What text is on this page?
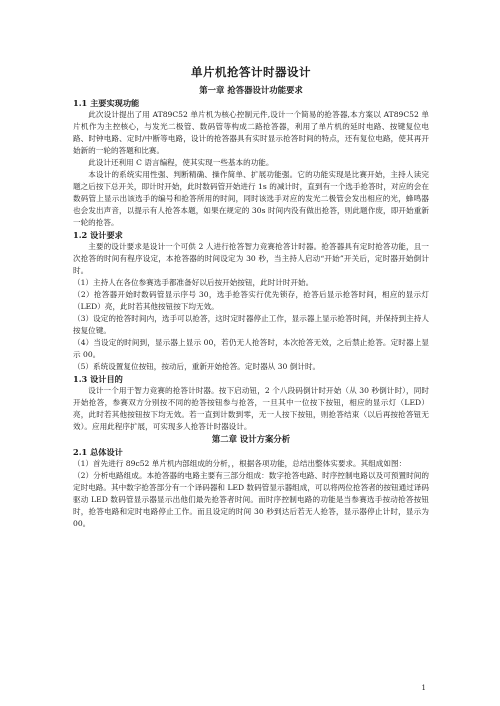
单片机抢答计时器设计
第一章 抢答器设计功能要求
1.1 主要实现功能

此次设计提出了用 AT89C52 单片机为核心控制元件,设计一个简易的抢答器,本方案以 AT89C52 单片机作为主控核心，与发光二极管、数码管等构成二路抢答器，利用了单片机的延时电路、按键复位电路、时钟电路、定时/中断等电路，设计的抢答器具有实时显示抢答时间的特点，还有复位电路，使其再开始新的一轮的答题和比赛。

此设计还利用 C 语言编程，使其实现一些基本的功能。

本设计的系统实用性强、判断精确、操作简单、扩展功能强。它的功能实现是比赛开始，主持人读完题之后按下总开关，即计时开始，此时数码管开始进行 1s 的减计时，直到有一个选手抢答时，对应的会在数码管上显示出该选手的编号和抢答所用的时间，同时该选手对应的发光二极管会发出相应的光，蜂鸣器也会发出声音，以提示有人抢答本题，如果在规定的 30s 时间内没有做出抢答，则此题作废，即开始重新一轮的抢答。

1.2 设计要求

主要的设计要求是设计一个可供 2 人进行抢答智力竞赛抢答计时器。抢答器具有定时抢答功能，且一次抢答的时间有程序设定，本抢答器的时间设定为 30 秒，当主持人启动“开始”开关后，定时器开始倒计时。

（1）主持人在各位参赛选手都准备好以后按开始按钮，此时计时开始。

（2）抢答器开始时数码管显示序号 30，选手抢答实行优先锁存，抢答后显示抢答时间，相应的显示灯（LED）亮，此时若其他按钮按下均无效。

（3）设定的抢答时间内，选手可以抢答，这时定时器停止工作，显示器上显示抢答时间，并保持到主持人按复位键。

（4）当设定的时间到，显示器上显示 00，若仍无人抢答时，本次抢答无效，之后禁止抢答。定时器上显示 00。

（5）系统设置复位按钮，按动后，重新开始抢答。定时器从 30 倒计时。

1.3 设计目的

设计一个用于智力竞赛的抢答计时器。按下启动钮，2 个八段码倒计时开始（从 30 秒倒计时），同时开始抢答，参赛双方分别按不同的抢答按钮参与抢答，一旦其中一位按下按钮，相应的显示灯（LED）亮，此时若其他按钮按下均无效。若一直到计数到零，无一人按下按钮，则抢答结束（以后再按抢答钮无效）。应用此程序扩展，可实现多人抢答计时器设计。

第二章 设计方案分析
2.1 总体设计

（1）首先进行 89c52 单片机内部组成的分析，，根据各项功能，总结出整体实要求。其组成如图：

（2）分析电路组成。本抢答器的电路主要有三部分组成：数字抢答电路、时序控制电路以及可预置时间的定时电路。其中数字抢答部分有一个译码器和 LED 数码管显示器组成，可以将两位抢答者的按钮通过译码驱动 LED 数码管显示器显示出他们最先抢答者时间。而时序控制电路的功能是当参赛选手按动抢答按钮时，抢答电路和定时电路停止工作。而且设定的时间 30 秒到达后若无人抢答，显示器停止计时，显示为 00。

1
